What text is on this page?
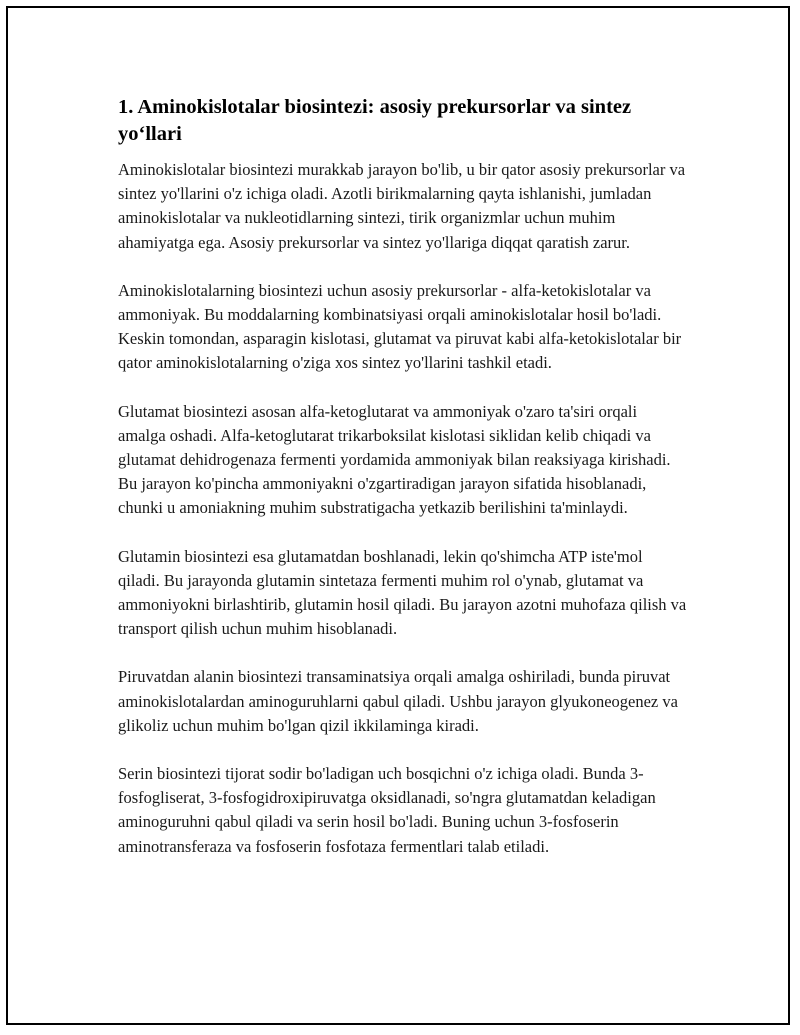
1. Aminokislotalar biosintezi: asosiy prekursorlar va sintez yo‘llari

Aminokislotalar biosintezi murakkab jarayon bo'lib, u bir qator asosiy prekursorlar va sintez yo'llarini o'z ichiga oladi. Azotli birikmalarning qayta ishlanishi, jumladan aminokislotalar va nukleotidlarning sintezi, tirik organizmlar uchun muhim ahamiyatga ega. Asosiy prekursorlar va sintez yo'llariga diqqat qaratish zarur.

Aminokislotalarning biosintezi uchun asosiy prekursorlar - alfa-ketokislotalar va ammoniyak. Bu moddalarning kombinatsiyasi orqali aminokislotalar hosil bo'ladi. Keskin tomondan, asparagin kislotasi, glutamat va piruvat kabi alfa-ketokislotalar bir qator aminokislotalarning o'ziga xos sintez yo'llarini tashkil etadi.

Glutamat biosintezi asosan alfa-ketoglutarat va ammoniyak o'zaro ta'siri orqali amalga oshadi. Alfa-ketoglutarat trikarboksilat kislotasi siklidan kelib chiqadi va glutamat dehidrogenaza fermenti yordamida ammoniyak bilan reaksiyaga kirishadi. Bu jarayon ko'pincha ammoniyakni o'zgartiradigan jarayon sifatida hisoblanadi, chunki u amoniakning muhim substratigacha yetkazib berilishini ta'minlaydi.

Glutamin biosintezi esa glutamatdan boshlanadi, lekin qo'shimcha ATP iste'mol qiladi. Bu jarayonda glutamin sintetaza fermenti muhim rol o'ynab, glutamat va ammoniyokni birlashtirib, glutamin hosil qiladi. Bu jarayon azotni muhofaza qilish va transport qilish uchun muhim hisoblanadi.

Piruvatdan alanin biosintezi transaminatsiya orqali amalga oshiriladi, bunda piruvat aminokislotalardan aminoguruhlarni qabul qiladi. Ushbu jarayon glyukoneogenez va glikoliz uchun muhim bo'lgan qizil ikkilaminga kiradi.

Serin biosintezi tijorat sodir bo'ladigan uch bosqichni o'z ichiga oladi. Bunda 3-fosfogliserat, 3-fosfogidroxipiruvatga oksidlanadi, so'ngra glutamatdan keladigan aminoguruhni qabul qiladi va serin hosil bo'ladi. Buning uchun 3-fosfoserin aminotransferaza va fosfoserin fosfotaza fermentlari talab etiladi.
